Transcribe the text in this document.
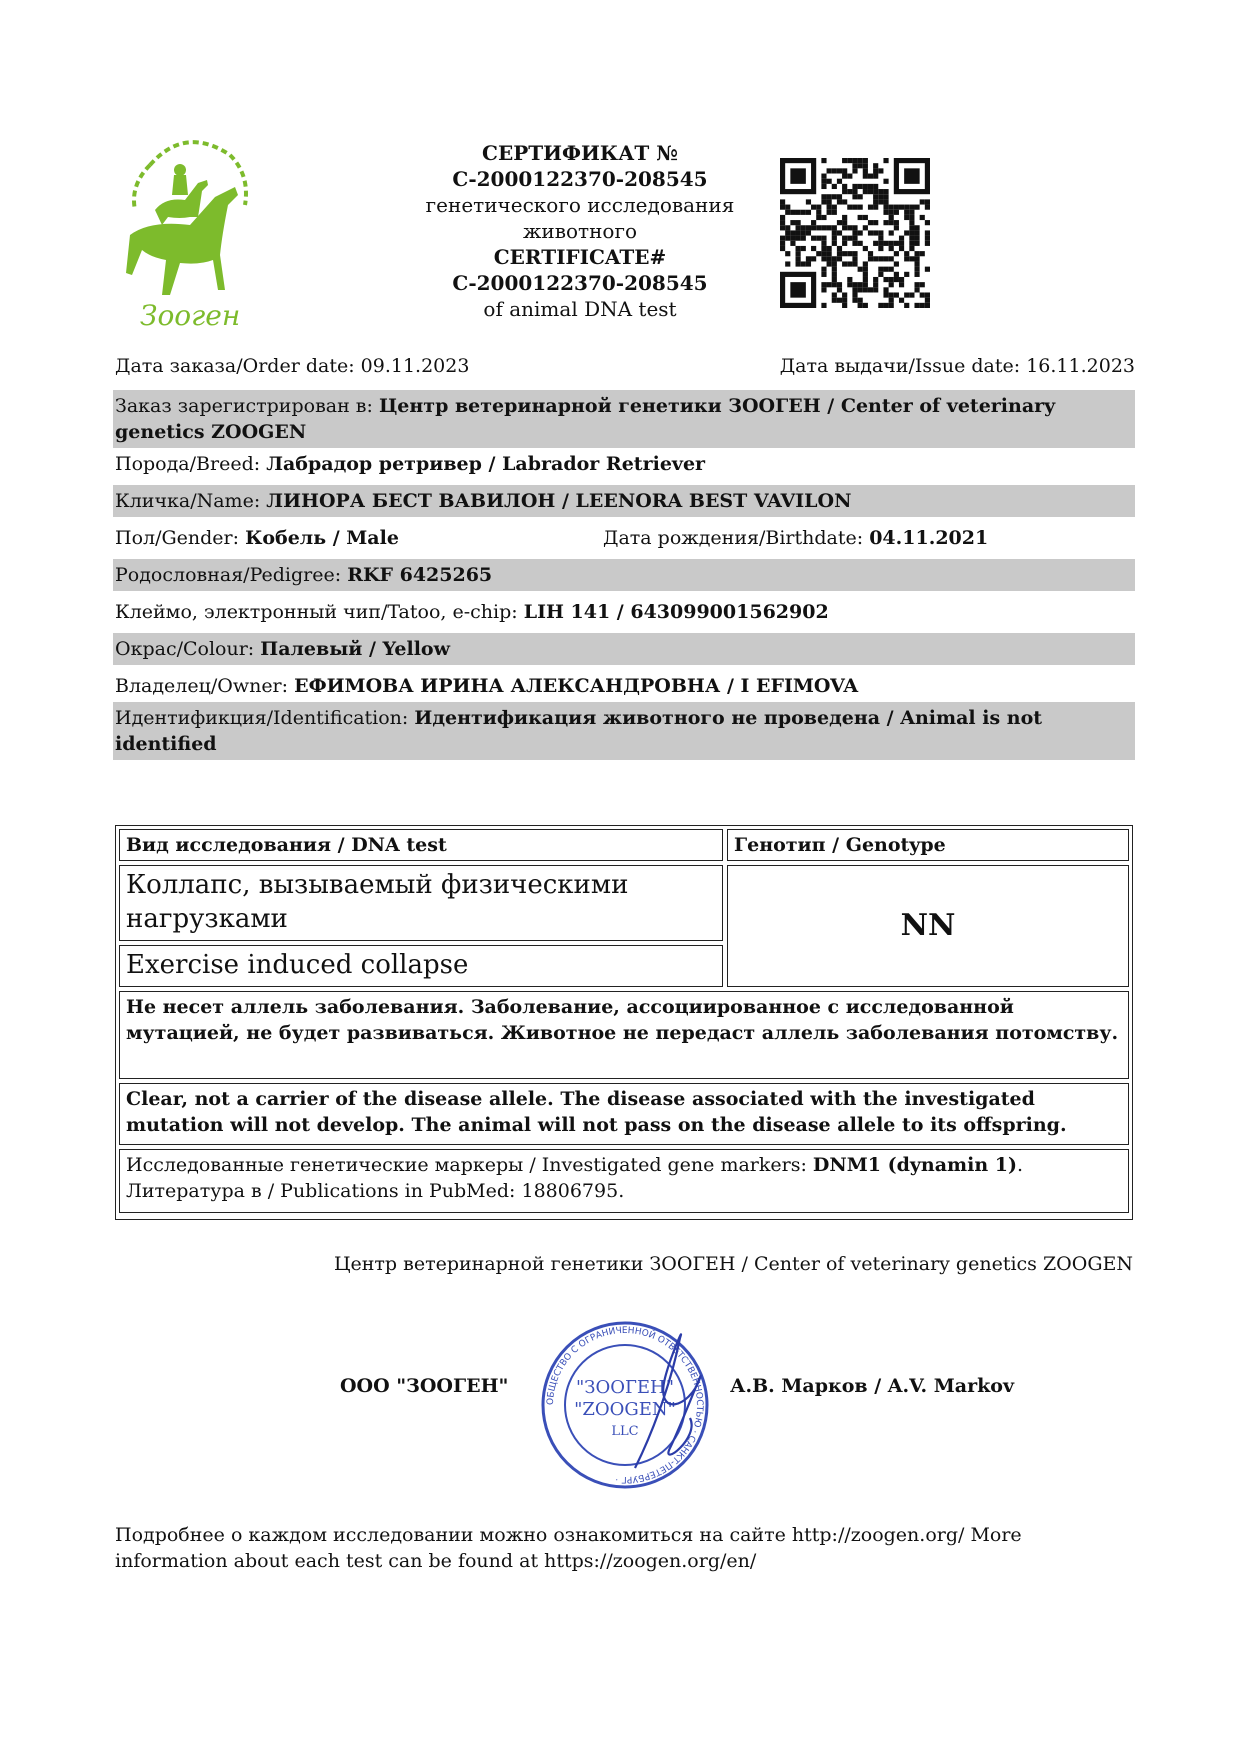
Зooген
СЕРТИФИКАТ №
C-2000122370-208545
генетического исследования
животного
CERTIFICATE#
C-2000122370-208545
of animal DNA test
Дата заказа/Order date: 09.11.2023	Дата выдачи/Issue date: 16.11.2023
Заказ зарегистрирован в: Центр ветеринарной генетики ЗООГЕН / Center of veterinary genetics ZOOGEN
Порода/Breed: Лабрадор ретривер / Labrador Retriever
Кличка/Name: ЛИНОРА БЕСТ ВАВИЛОН / LEENORA BEST VAVILON
Пол/Gender: Кобель / Male	Дата рождения/Birthdate: 04.11.2021
Родословная/Pedigree: RKF 6425265
Клеймо, электронный чип/Tatoo, e-chip: LIH 141 / 643099001562902
Окрас/Colour: Палевый / Yellow
Владелец/Owner: ЕФИМОВА ИРИНА АЛЕКСАНДРОВНА / I EFIMOVA
Идентификция/Identification: Идентификация животного не проведена / Animal is not identified
Вид исследования / DNA test	Генотип / Genotype
Коллапс, вызываемый физическими нагрузками
Exercise induced collapse
NN
Не несет аллель заболевания. Заболевание, ассоциированное с исследованной мутацией, не будет развиваться. Животное не передаст аллель заболевания потомству.
Clear, not a carrier of the disease allele. The disease associated with the investigated mutation will not develop. The animal will not pass on the disease allele to its offspring.
Исследованные генетические маркеры / Investigated gene markers: DNM1 (dynamin 1).
Литература в / Publications in PubMed: 18806795.
Центр ветеринарной генетики ЗООГЕН / Center of veterinary genetics ZOOGEN
ООО "ЗООГЕН"
ОБЩЕСТВО С ОГРАНИЧЕННОЙ ОТВЕТСТВЕННОСТЬЮ · САНКТ-ПЕТЕРБУРГ ·
"ЗООГЕН"
"ZOOGEN"
LLC
А.В. Марков / A.V. Markov
Подробнее о каждом исследовании можно ознакомиться на сайте http://zoogen.org/ More information about each test can be found at https://zoogen.org/en/
